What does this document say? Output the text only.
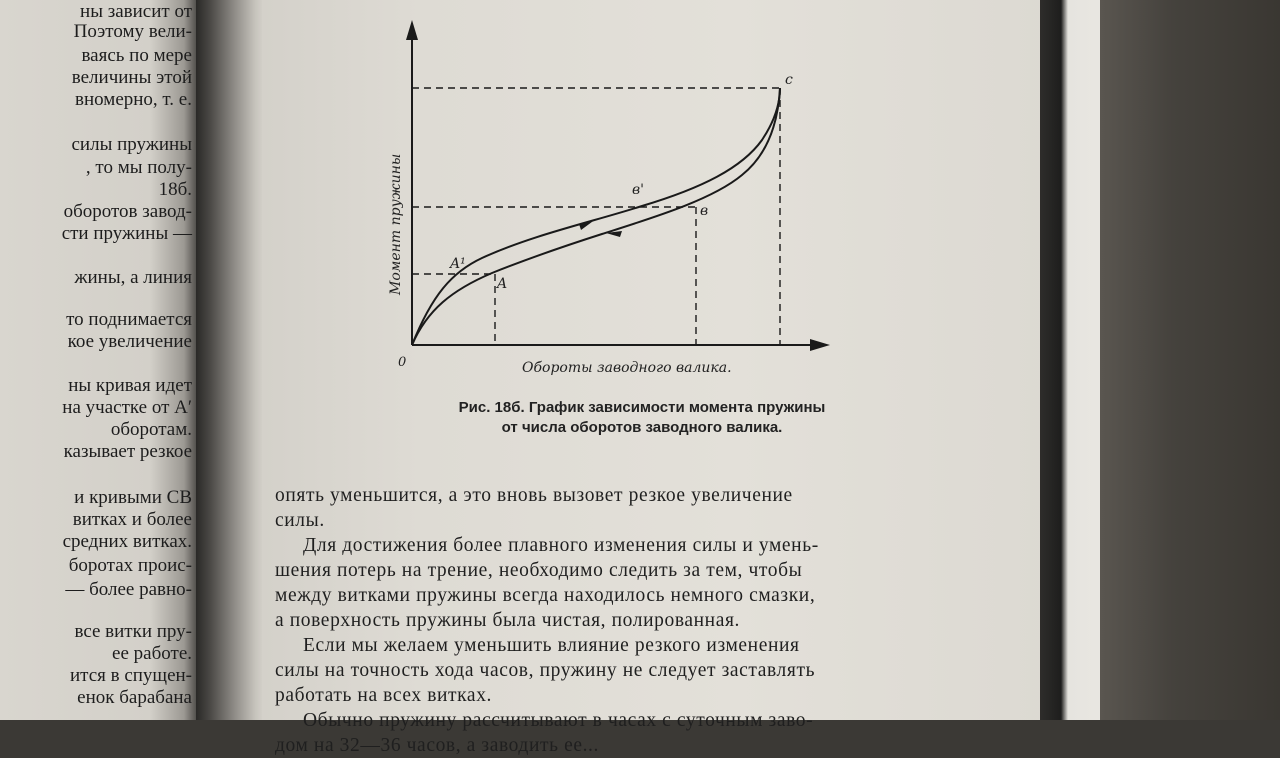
ны зависит от
Поэтому вели-
ваясь по мере
величины этой
вномерно, т. е.
силы пружины
, то мы полу-
18б.
оборотов завод-
сти пружины —
жины, а линия
то поднимается
кое увеличение
ны кривая идет
на участке от A′
оборотам.
казывает резкое
и кривыми CB
витках и более
средних витках.
боротах проис-
— более равно-
все витки пру-
ее работе.
ится в спущен-
енок барабана
Момент пружины
Обороты заводного валика.
0
A
A¹
в
в'
c
Рис. 18б. График зависимости момента пружины
от числа оборотов заводного валика.

опять уменьшится, а это вновь вызовет резкое увеличение
силы.

Для достижения более плавного изменения силы и умень-
шения потерь на трение, необходимо следить за тем, чтобы
между витками пружины всегда находилось немного смазки,
а поверхность пружины была чистая, полированная.

Если мы желаем уменьшить влияние резкого изменения
силы на точность хода часов, пружину не следует заставлять
работать на всех витках.

Обычно пружину рассчитывают в часах с суточным заво-
дом на 32—36 часов, а заводить ее...
